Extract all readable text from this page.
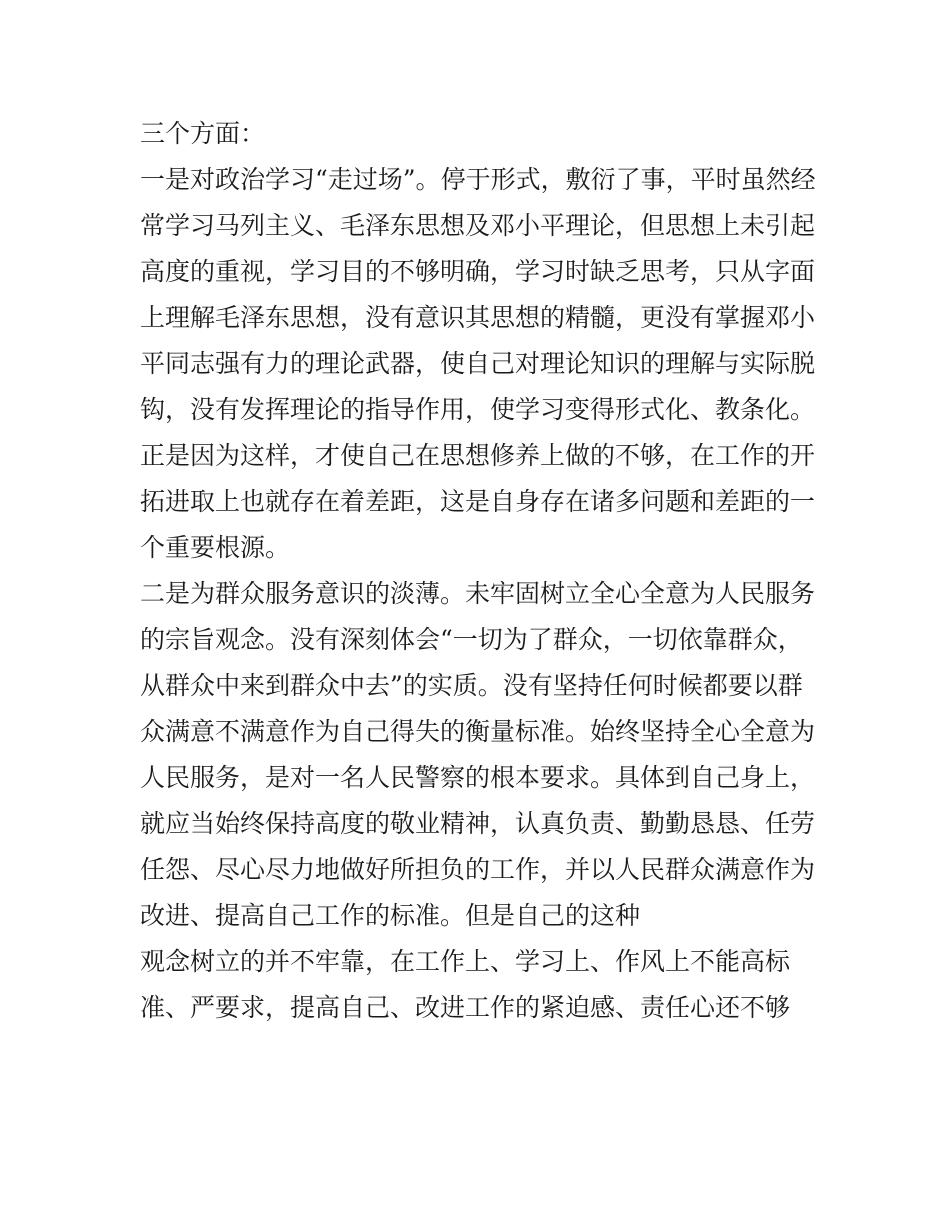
三个方面：
一是对政治学习“走过场”。停于形式，敷衍了事，平时虽然经
常学习马列主义、毛泽东思想及邓小平理论，但思想上未引起
高度的重视，学习目的不够明确，学习时缺乏思考，只从字面
上理解毛泽东思想，没有意识其思想的精髓，更没有掌握邓小
平同志强有力的理论武器，使自己对理论知识的理解与实际脱
钩，没有发挥理论的指导作用，使学习变得形式化、教条化。
正是因为这样，才使自己在思想修养上做的不够，在工作的开
拓进取上也就存在着差距，这是自身存在诸多问题和差距的一
个重要根源。
二是为群众服务意识的淡薄。未牢固树立全心全意为人民服务
的宗旨观念。没有深刻体会“一切为了群众，一切依靠群众，
从群众中来到群众中去”的实质。没有坚持任何时候都要以群
众满意不满意作为自己得失的衡量标准。始终坚持全心全意为
人民服务，是对一名人民警察的根本要求。具体到自己身上，
就应当始终保持高度的敬业精神，认真负责、勤勤恳恳、任劳
任怨、尽心尽力地做好所担负的工作，并以人民群众满意作为
改进、提高自己工作的标准。但是自己的这种
观念树立的并不牢靠，在工作上、学习上、作风上不能高标
准、严要求，提高自己、改进工作的紧迫感、责任心还不够
